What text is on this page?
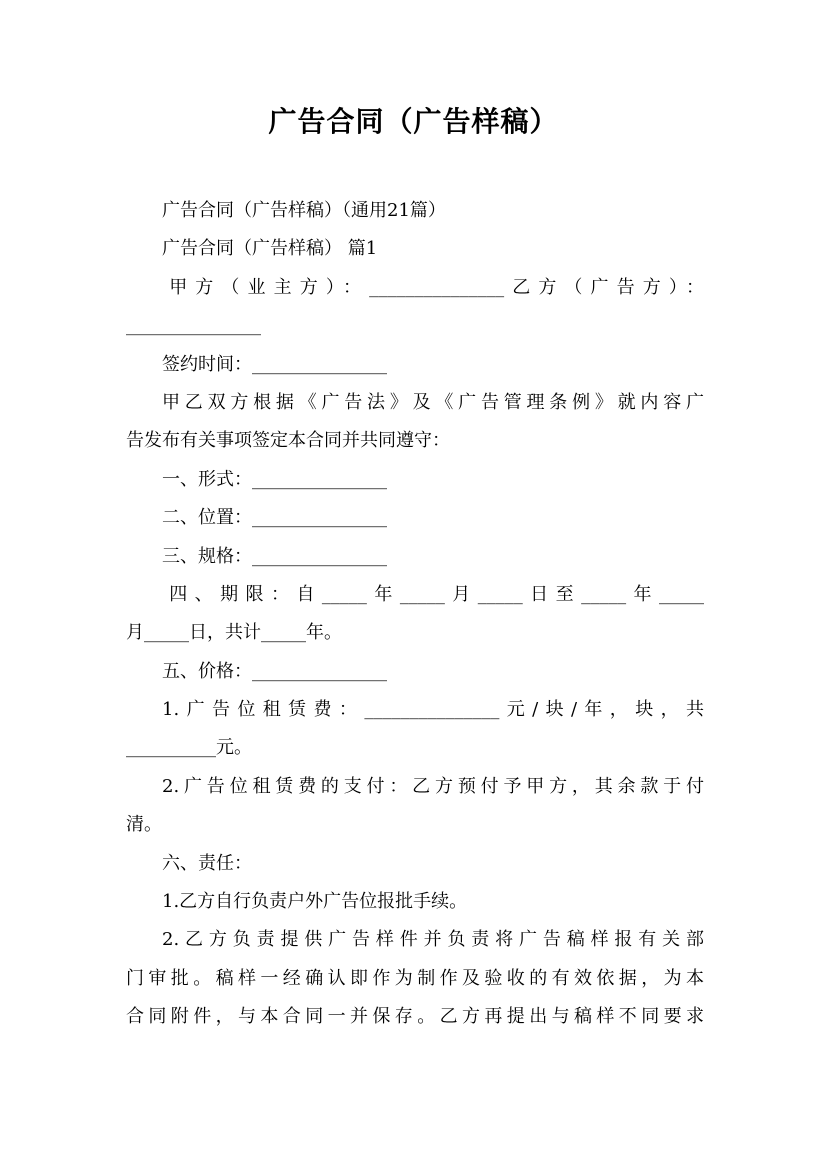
广告合同（广告样稿）
广告合同（广告样稿）（通用21篇）
广告合同（广告样稿） 篇1
甲方（业主方）：_______________乙方（广告方）：
_______________
签约时间：_______________
甲乙双方根据《广告法》及《广告管理条例》就内容广
告发布有关事项签定本合同并共同遵守：
一、形式：_______________
二、位置：_______________
三、规格：_______________
四、期限：自_____年_____月_____日至_____年_____
月_____日，共计_____年。
五、价格：_______________
1.广告位租赁费：_______________元/块/年，块，共
__________元。
2.广告位租赁费的支付：乙方预付予甲方，其余款于付
清。
六、责任：
1.乙方自行负责户外广告位报批手续。
2.乙方负责提供广告样件并负责将广告稿样报有关部
门审批。稿样一经确认即作为制作及验收的有效依据，为本
合同附件，与本合同一并保存。乙方再提出与稿样不同要求
